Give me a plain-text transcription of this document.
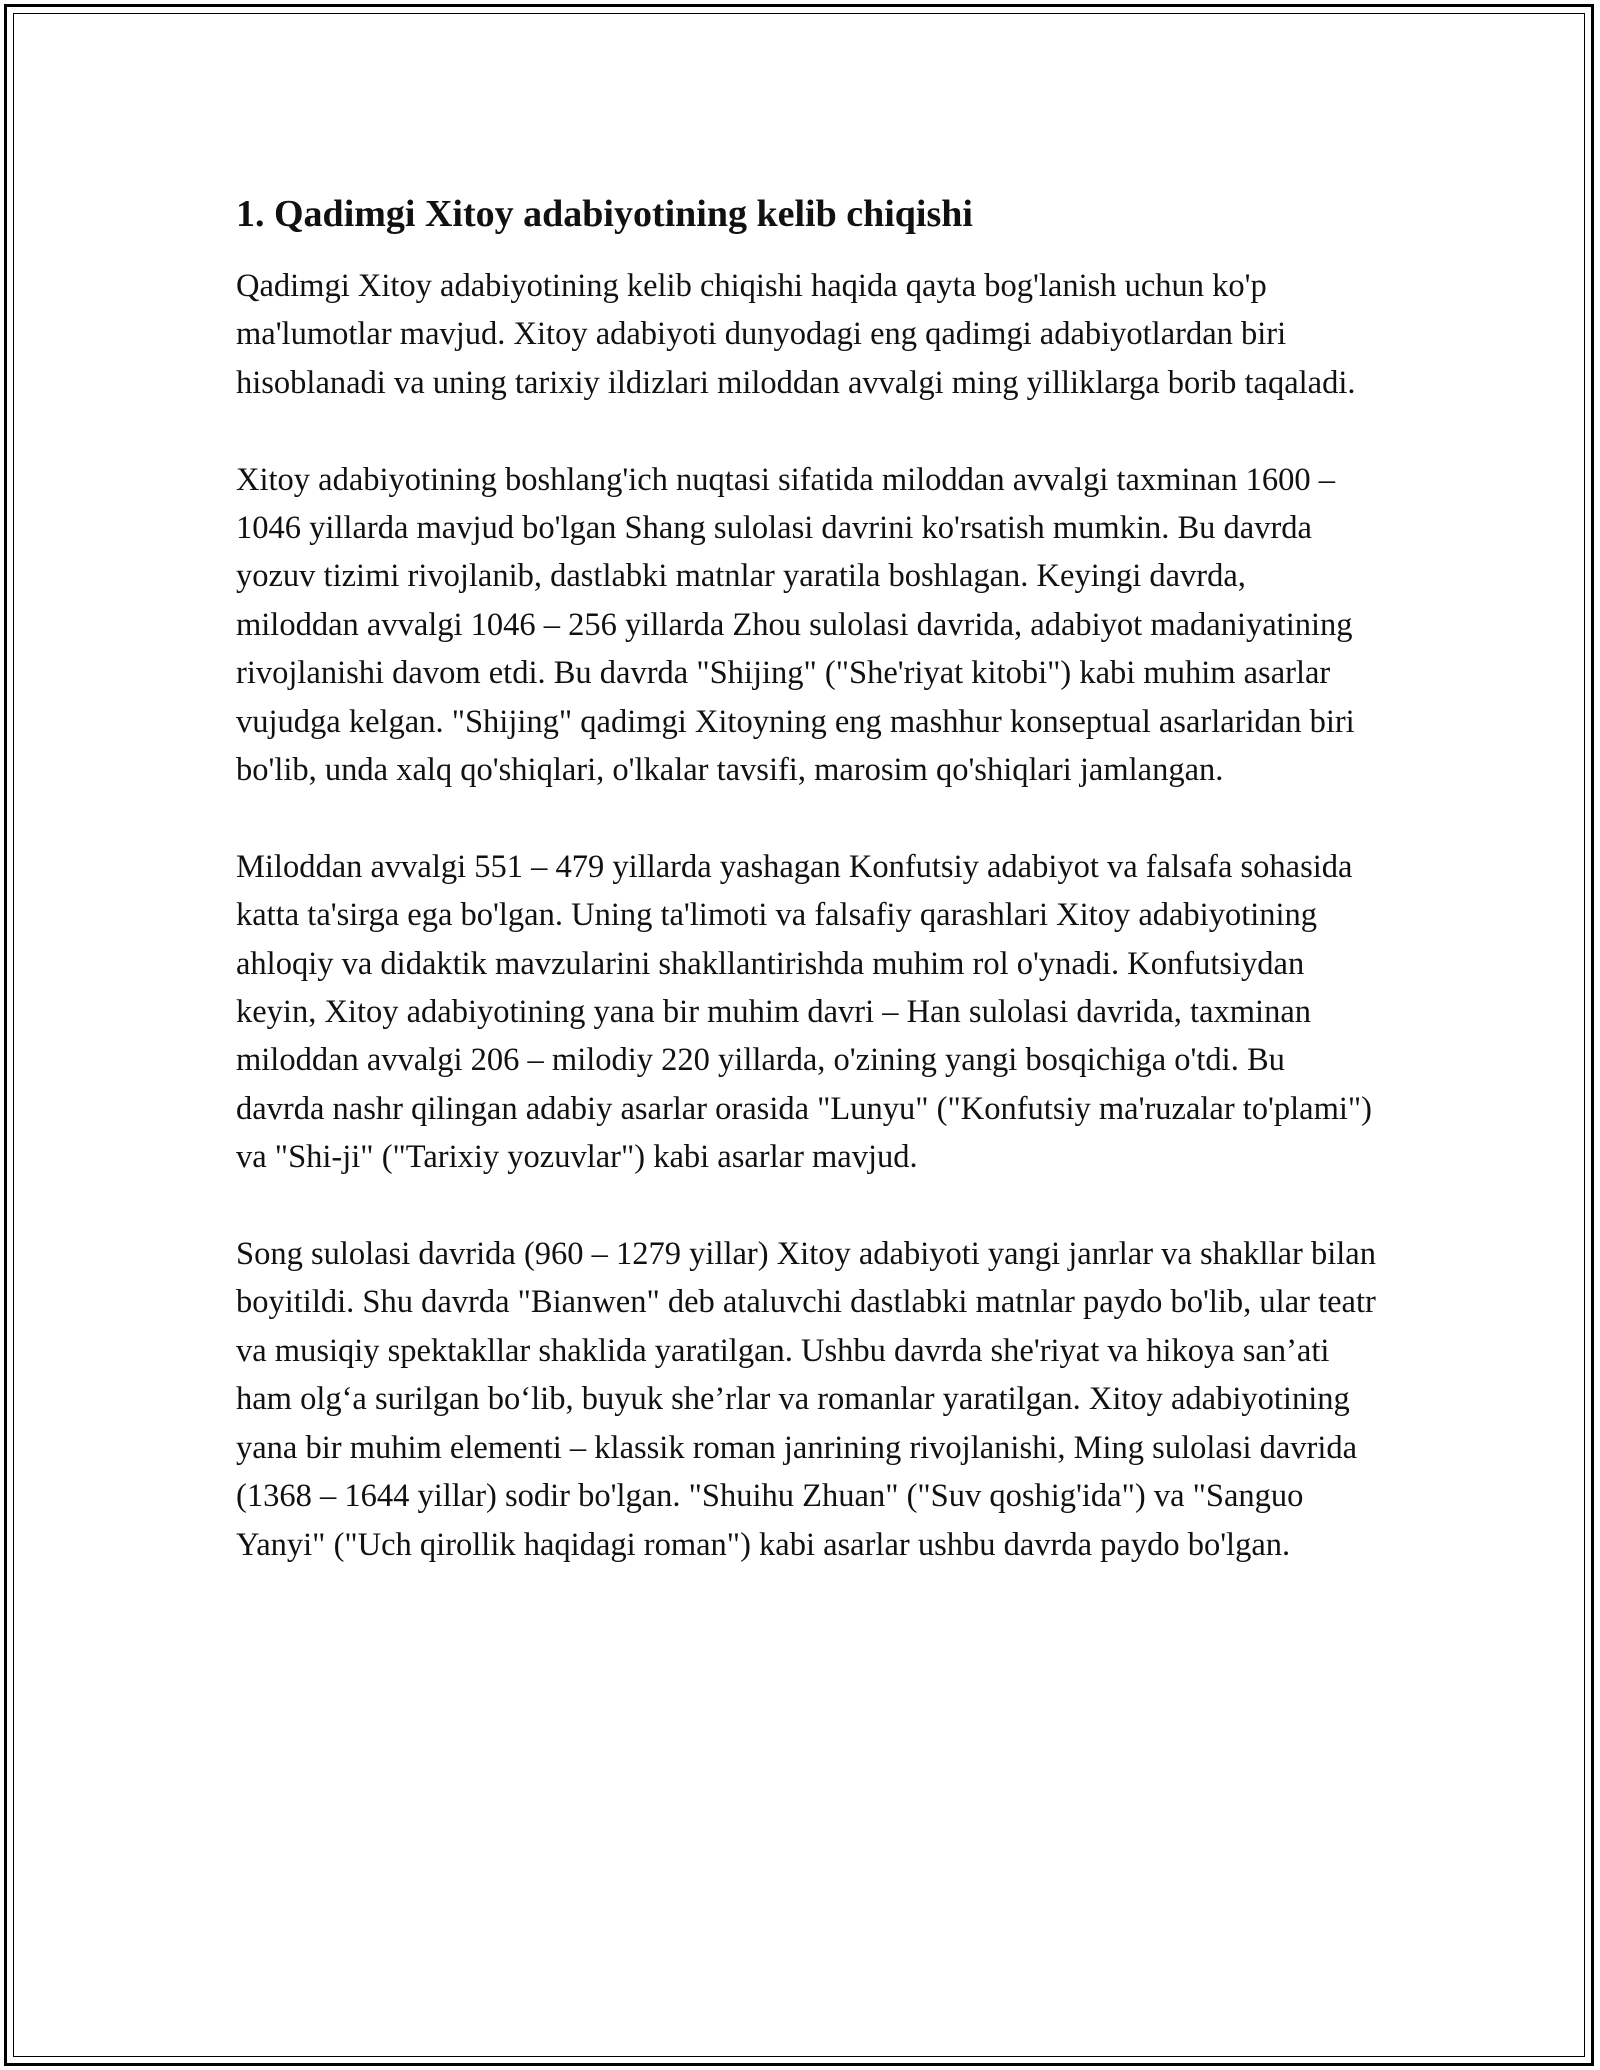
1. Qadimgi Xitoy adabiyotining kelib chiqishi

Qadimgi Xitoy adabiyotining kelib chiqishi haqida qayta bog'lanish uchun ko'p ma'lumotlar mavjud. Xitoy adabiyoti dunyodagi eng qadimgi adabiyotlardan biri hisoblanadi va uning tarixiy ildizlari miloddan avvalgi ming yilliklarga borib taqaladi.

Xitoy adabiyotining boshlang'ich nuqtasi sifatida miloddan avvalgi taxminan 1600 – 1046 yillarda mavjud bo'lgan Shang sulolasi davrini ko'rsatish mumkin. Bu davrda yozuv tizimi rivojlanib, dastlabki matnlar yaratila boshlagan. Keyingi davrda, miloddan avvalgi 1046 – 256 yillarda Zhou sulolasi davrida, adabiyot madaniyatining rivojlanishi davom etdi. Bu davrda "Shijing" ("She'riyat kitobi") kabi muhim asarlar vujudga kelgan. "Shijing" qadimgi Xitoyning eng mashhur konseptual asarlaridan biri bo'lib, unda xalq qo'shiqlari, o'lkalar tavsifi, marosim qo'shiqlari jamlangan.

Miloddan avvalgi 551 – 479 yillarda yashagan Konfutsiy adabiyot va falsafa sohasida katta ta'sirga ega bo'lgan. Uning ta'limoti va falsafiy qarashlari Xitoy adabiyotining ahloqiy va didaktik mavzularini shakllantirishda muhim rol o'ynadi. Konfutsiydan keyin, Xitoy adabiyotining yana bir muhim davri – Han sulolasi davrida, taxminan miloddan avvalgi 206 – milodiy 220 yillarda, o'zining yangi bosqichiga o'tdi. Bu davrda nashr qilingan adabiy asarlar orasida "Lunyu" ("Konfutsiy ma'ruzalar to'plami") va "Shi-ji" ("Tarixiy yozuvlar") kabi asarlar mavjud.

Song sulolasi davrida (960 – 1279 yillar) Xitoy adabiyoti yangi janrlar va shakllar bilan boyitildi. Shu davrda "Bianwen" deb ataluvchi dastlabki matnlar paydo bo'lib, ular teatr va musiqiy spektakllar shaklida yaratilgan. Ushbu davrda she'riyat va hikoya san’ati ham olg‘a surilgan bo‘lib, buyuk she’rlar va romanlar yaratilgan. Xitoy adabiyotining yana bir muhim elementi – klassik roman janrining rivojlanishi, Ming sulolasi davrida (1368 – 1644 yillar) sodir bo'lgan. "Shuihu Zhuan" ("Suv qoshig'ida") va "Sanguo Yanyi" ("Uch qirollik haqidagi roman") kabi asarlar ushbu davrda paydo bo'lgan.
